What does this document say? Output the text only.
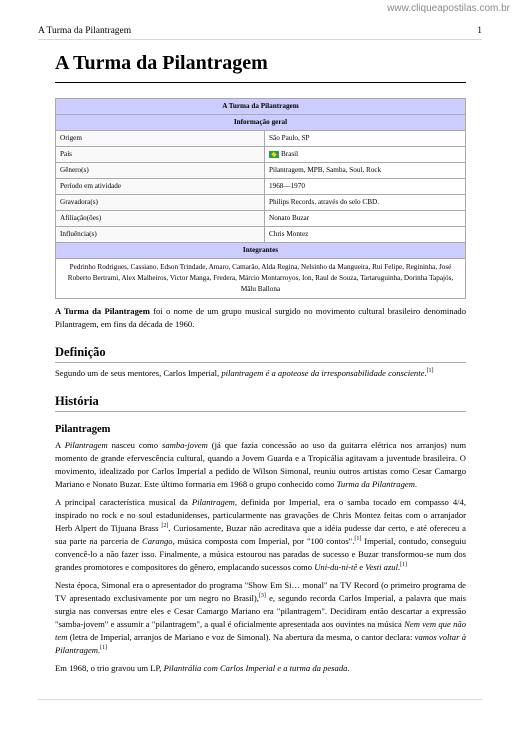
www.cliqueapostilas.com.br
A Turma da Pilantragem	1
A Turma da Pilantragem
A Turma da Pilantragem	
Informação geral	
Origem	São Paulo, SP
País	Brasil
Gênero(s)	Pilantragem, MPB, Samba, Soul, Rock
Período em atividade	1968—1970
Gravadora(s)	Philips Records, através do selo CBD.
Afiliação(ões)	Nonato Buzar
Influência(s)	Chris Montez
Integrantes	
Pedrinho Rodrigues, Cassiano, Edson Trindade, Amaro, Camarão, Alda Regina, Nelsinho da Mangueira, Rui Felipe, Regininha, José Roberto Bertrami, Alex Malheiros, Victor Manga, Fredera, Márcio Montarroyos, Ion, Raul de Souza, Tartaruguinha, Dorinha Tapajós, Mãlu Ballona	

A Turma da Pilantragem foi o nome de um grupo musical surgido no movimento cultural brasileiro denominado Pilantragem, em fins da década de 1960.

Definição

Segundo um de seus mentores, Carlos Imperial, pilantragem é a apoteose da irresponsabilidade consciente.[1]

História
Pilantragem

A Pilantragem nasceu como samba-jovem (já que fazia concessão ao uso da guitarra elétrica nos arranjos) num momento de grande efervescência cultural, quando a Jovem Guarda e a Tropicália agitavam a juventude brasileira. O movimento, idealizado por Carlos Imperial a pedido de Wilson Simonal, reuniu outros artistas como Cesar Camargo Mariano e Nonato Buzar. Este último formaria em 1968 o grupo conhecido como Turma da Pilantragem.

A principal característica musical da Pilantragem, definida por Imperial, era o samba tocado em compasso 4/4, inspirado no rock e no soul estadunidenses, particularmente nas gravações de Chris Montez feitas com o arranjador Herb Alpert do Tijuana Brass [2]. Curiosamente, Buzar não acreditava que a idéia pudesse dar certo, e até ofereceu a sua parte na parceria de Carango, música composta com Imperial, por "100 contos".[1] Imperial, contudo, conseguiu convencê-lo a não fazer isso. Finalmente, a música estourou nas paradas de sucesso e Buzar transformou-se num dos grandes promotores e compositores do gênero, emplacando sucessos como Uni-du-ni-tê e Vesti azul.[1]

Nesta época, Simonal era o apresentador do programa "Show Em Si… monal" na TV Record (o primeiro programa de TV apresentado exclusivamente por um negro no Brasil),[3] e, segundo recorda Carlos Imperial, a palavra que mais surgia nas conversas entre eles e Cesar Camargo Mariano era "pilantragem". Decidiram então descartar a expressão "samba-jovem" e assumir a "pilantragem", a qual é oficialmente apresentada aos ouvintes na música Nem vem que não tem (letra de Imperial, arranjos de Mariano e voz de Simonal). Na abertura da mesma, o cantor declara: vamos voltar à Pilantragem.[1]

Em 1968, o trio gravou um LP, Pilantrália com Carlos Imperial e a turma da pesada.
